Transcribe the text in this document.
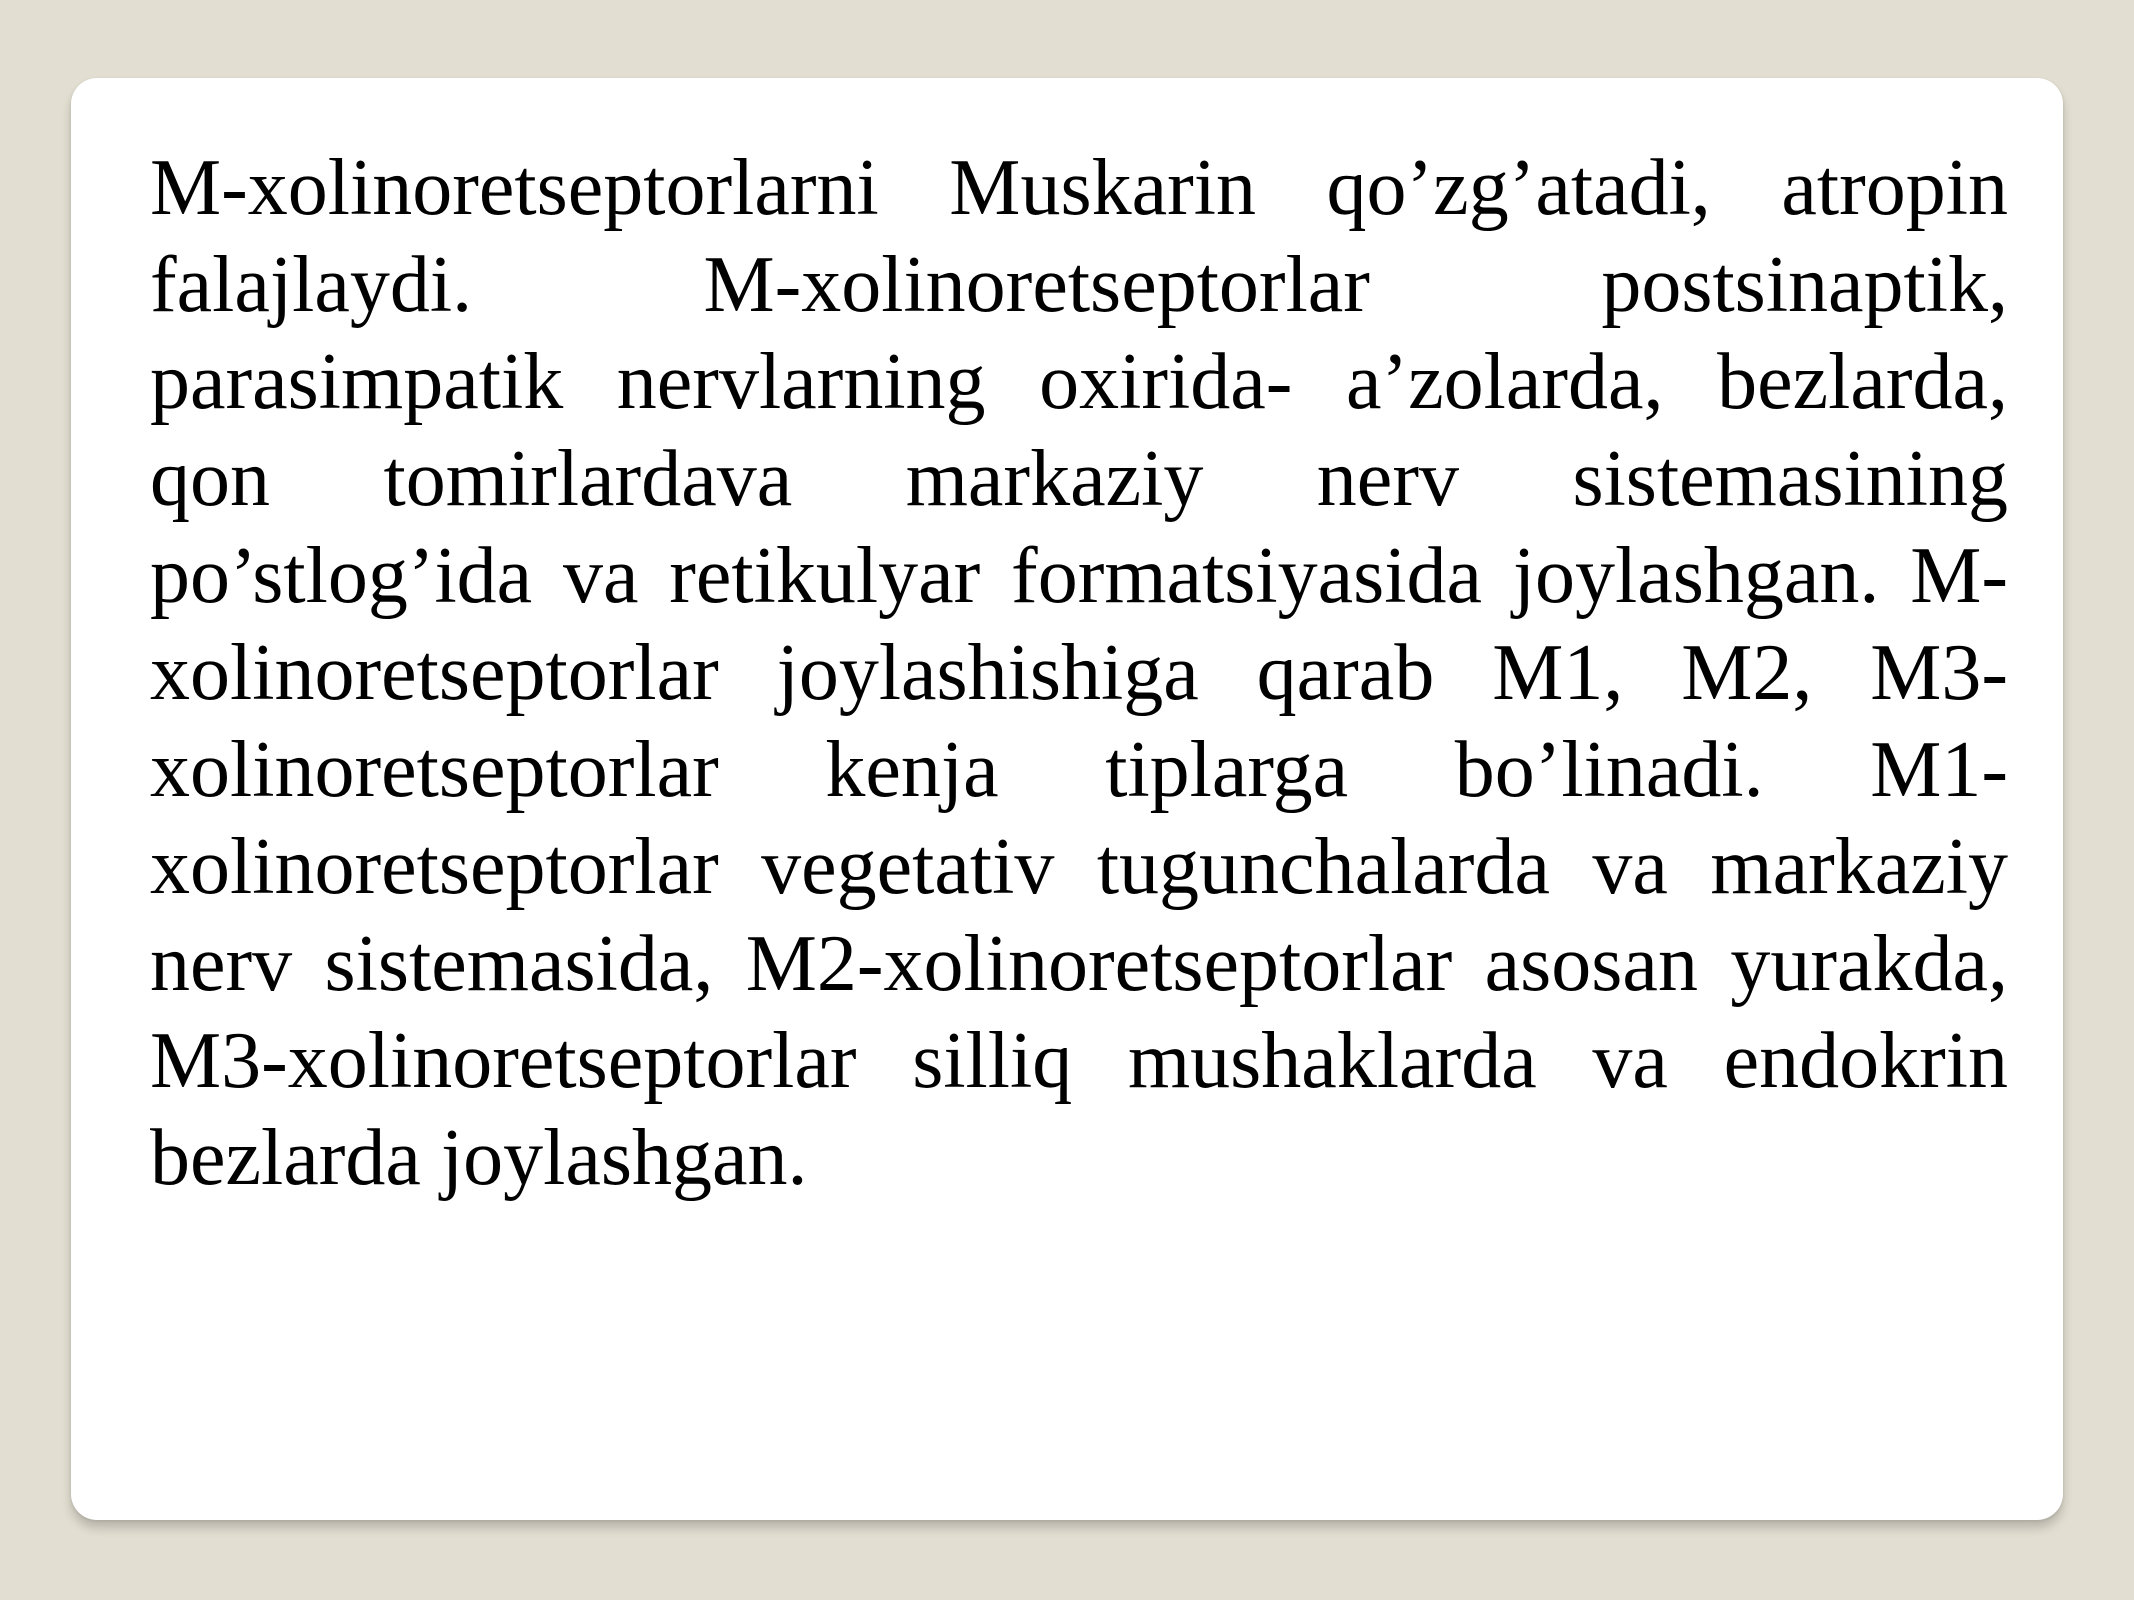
M-xolinoretseptorlarni Muskarin qo’zg’atadi, atropin falajlaydi. M-xolinoretseptorlar postsinaptik, parasimpatik nervlarning oxirida- a’zolarda, bezlarda, qon tomirlardava markaziy nerv sistemasining po’stlog’ida va retikulyar formatsiyasida joylashgan. M-xolinoretseptorlar joylashishiga qarab M1, M2, M3-xolinoretseptorlar kenja tiplarga bo’linadi. M1-xolinoretseptorlar vegetativ tugunchalarda va markaziy nerv sistemasida, M2-xolinoretseptorlar asosan yurakda, M3-xolinoretseptorlar silliq mushaklarda va endokrin bezlarda joylashgan.
